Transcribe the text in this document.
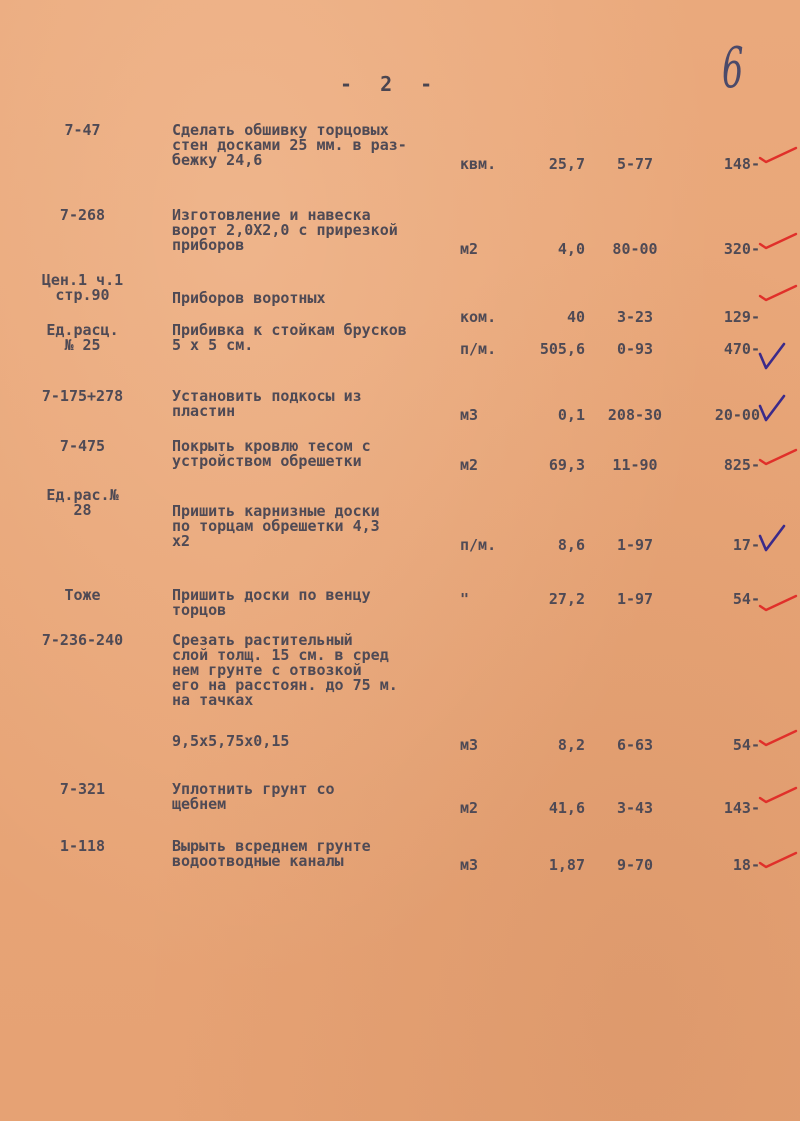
- 2 -	6
7-47	Сделать обшивку торцовых
стен досками 25 мм. в раз-
бежку 24,6	квм.	25,7	5-77	148-
7-268	Изготовление и навеска
ворот 2,0Х2,0 с прирезкой
приборов	м2	4,0	80-00	320-
Цен.1 ч.1
стр.90	Приборов воротных
ком.	40	3-23	129-
Ед.расц.
№ 25
Прибивка к стойкам брусков
5 х 5 см.	п/м.	505,6	0-93	470-
7-175+278	Установить подкосы из
пластин	м3	0,1	208-30	20-00
7-475	Покрыть кровлю тесом с
устройством обрешетки	м2	69,3	11-90	825-
Ед.рас.№
28	Пришить карнизные доски
по торцам обрешетки 4,3
х2	п/м.	8,6	1-97	17-
Тоже	Пришить доски по венцу
торцов
"	27,2	1-97	54-
7-236-240	Срезать растительный
слой толщ. 15 см. в сред
нем грунте с отвозкой
его на расстоян. до 75 м.
на тачках
9,5х5,75х0,15	м3	8,2	6-63	54-
7-321	Уплотнить грунт со
щебнем	м2	41,6	3-43	143-
1-118	Вырыть всреднем грунте
водоотводные каналы	м3	1,87	9-70	18-
